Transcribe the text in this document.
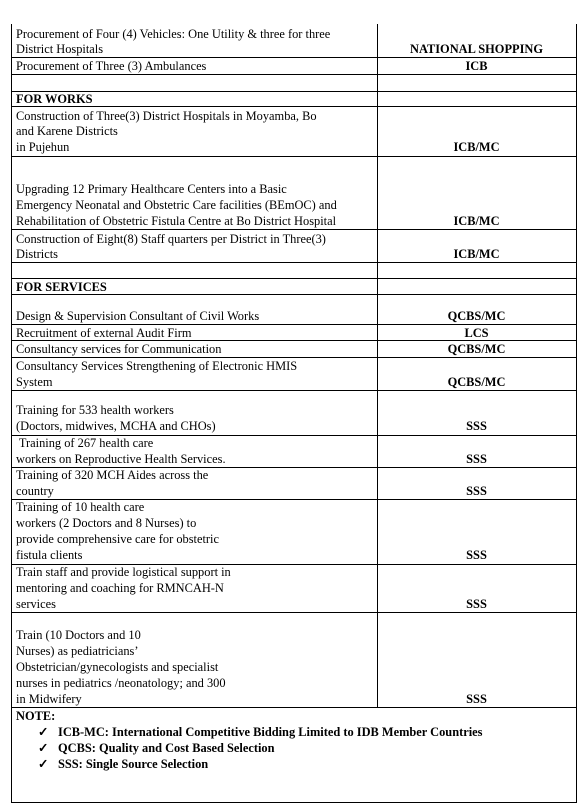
Procurement of Four (4) Vehicles: One Utility & three for three
District Hospitals	NATIONAL SHOPPING
Procurement of Three (3) Ambulances	ICB
FOR WORKS
Construction of Three(3) District Hospitals in Moyamba, Bo
and Karene Districts
in Pujehun	ICB/MC
Upgrading 12 Primary Healthcare Centers into a Basic
Emergency Neonatal and Obstetric Care facilities (BEmOC) and
Rehabilitation of Obstetric Fistula Centre at Bo District Hospital	ICB/MC
Construction of Eight(8) Staff quarters per District in Three(3)
Districts	ICB/MC
FOR SERVICES
Design & Supervision Consultant of Civil Works	QCBS/MC
Recruitment of external Audit Firm	LCS
Consultancy services for Communication	QCBS/MC
Consultancy Services Strengthening of Electronic HMIS
System	QCBS/MC
Training for 533 health workers
(Doctors, midwives, MCHA and CHOs)	SSS
Training of 267 health care
workers on Reproductive Health Services.	SSS
Training of 320 MCH Aides across the
country	SSS
Training of 10 health care
workers (2 Doctors and 8 Nurses) to
provide comprehensive care for obstetric
fistula clients	SSS
Train staff and provide logistical support in
mentoring and coaching for RMNCAH-N
services	SSS
Train (10 Doctors and 10
Nurses) as pediatricians’
Obstetrician/gynecologists and specialist
nurses in pediatrics /neonatology; and 300
in Midwifery	SSS
NOTE:
✓ ICB-MC: International Competitive Bidding Limited to IDB Member Countries
✓ QCBS: Quality and Cost Based Selection
✓ SSS: Single Source Selection
